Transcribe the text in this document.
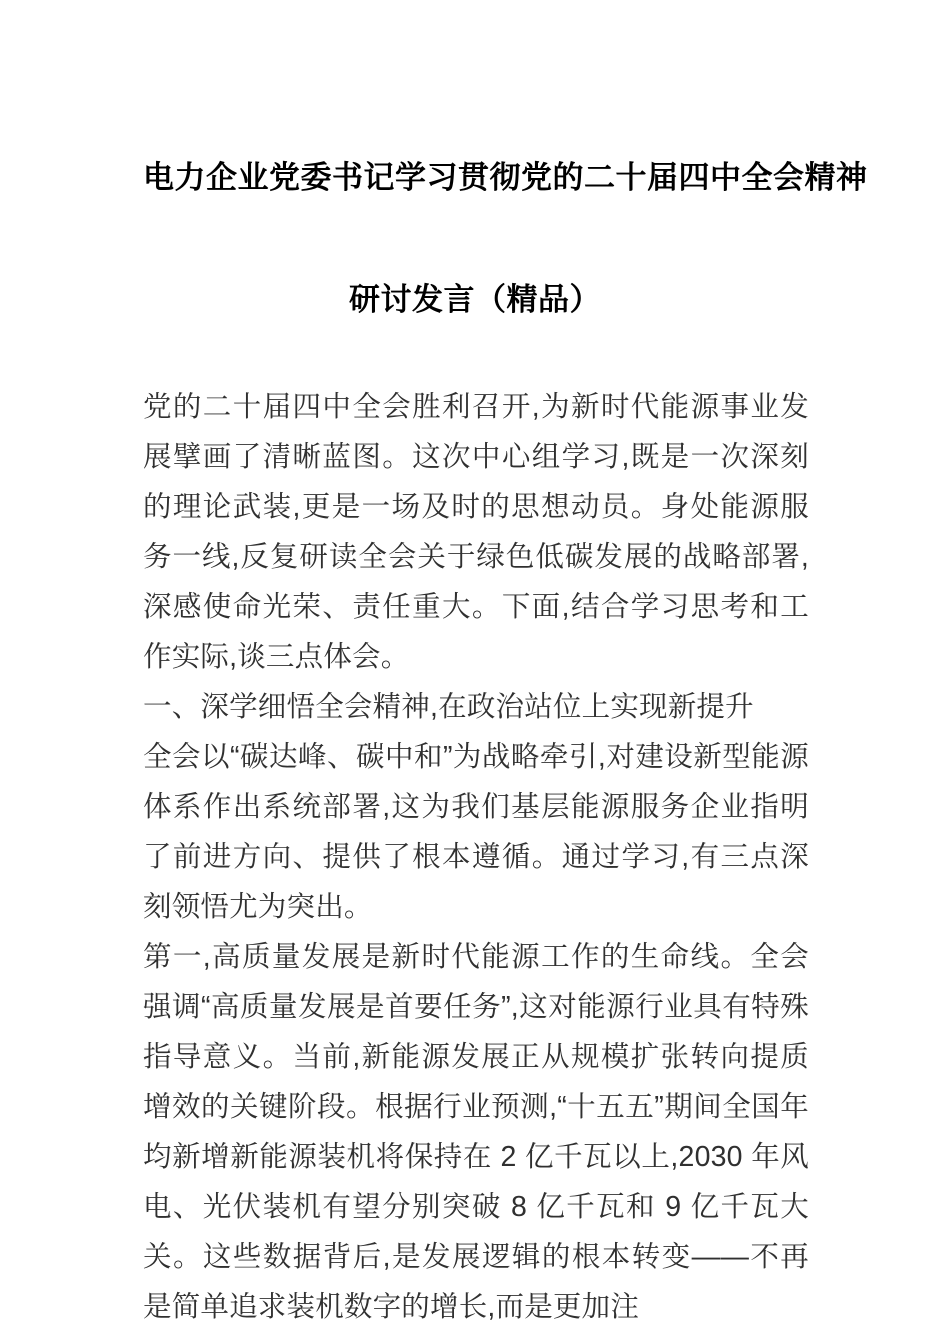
电力企业党委书记学习贯彻党的二十届四中全会精神
研讨发言（精品）

党的二十届四中全会胜利召开,为新时代能源事业发展擘画了清晰蓝图。这次中心组学习,既是一次深刻的理论武装,更是一场及时的思想动员。身处能源服务一线,反复研读全会关于绿色低碳发展的战略部署,深感使命光荣、责任重大。下面,结合学习思考和工作实际,谈三点体会。

一、深学细悟全会精神,在政治站位上实现新提升

全会以“碳达峰、碳中和”为战略牵引,对建设新型能源体系作出系统部署,这为我们基层能源服务企业指明了前进方向、提供了根本遵循。通过学习,有三点深刻领悟尤为突出。

第一,高质量发展是新时代能源工作的生命线。全会强调“高质量发展是首要任务”,这对能源行业具有特殊指导意义。当前,新能源发展正从规模扩张转向提质增效的关键阶段。根据行业预测,“十五五”期间全国年均新增新能源装机将保持在 2 亿千瓦以上,2030 年风电、光伏装机有望分别突破 8 亿千瓦和 9 亿千瓦大关。这些数据背后,是发展逻辑的根本转变——不再是简单追求装机数字的增长,而是更加注
